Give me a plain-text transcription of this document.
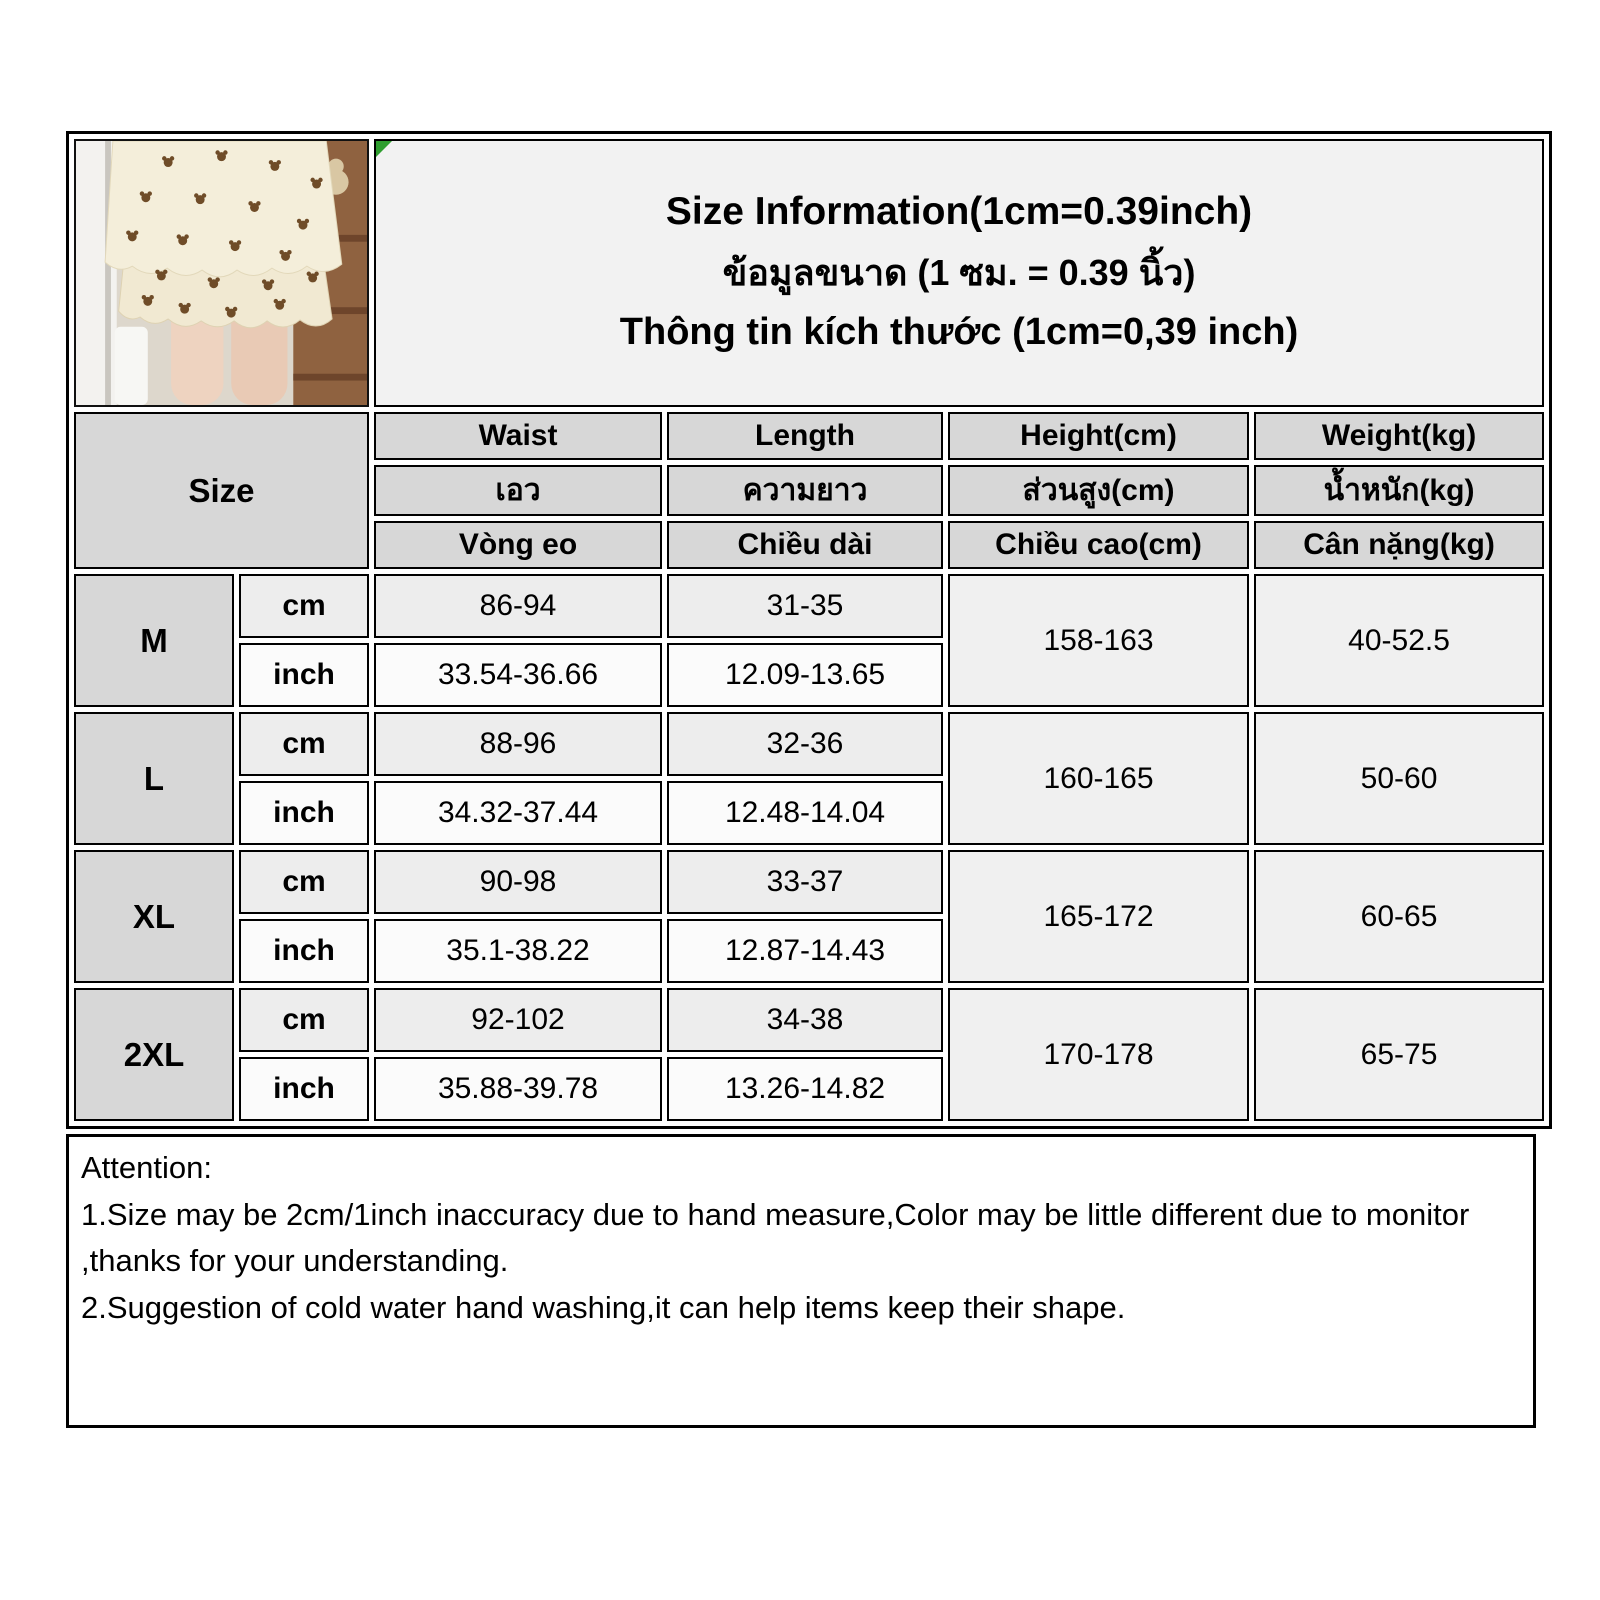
Size Information(1cm=0.39inch)
ข้อมูลขนาด (1 ซม. = 0.39 นิ้ว)
Thông tin kích thước (1cm=0,39 inch)			

Size		Waist	Length	Height(cm)	Weight(kg)
		เอว	ความยาว	ส่วนสูง(cm)	น้ำหนัก(kg)
		Vòng eo	Chiều dài	Chiều cao(cm)	Cân nặng(kg)
M	cm	86-94	31-35	158-163	40-52.5
	inch	33.54-36.66	12.09-13.65		
L	cm	88-96	32-36	160-165	50-60
	inch	34.32-37.44	12.48-14.04		
XL	cm	90-98	33-37	165-172	60-65
	inch	35.1-38.22	12.87-14.43		
2XL	cm	92-102	34-38	170-178	65-75
	inch	35.88-39.78	13.26-14.82		

Attention:

1.Size may be 2cm/1inch inaccuracy due to hand measure,Color may be little different due to monitor ,thanks for your understanding.

2.Suggestion of cold water hand washing,it can help items keep their shape.
